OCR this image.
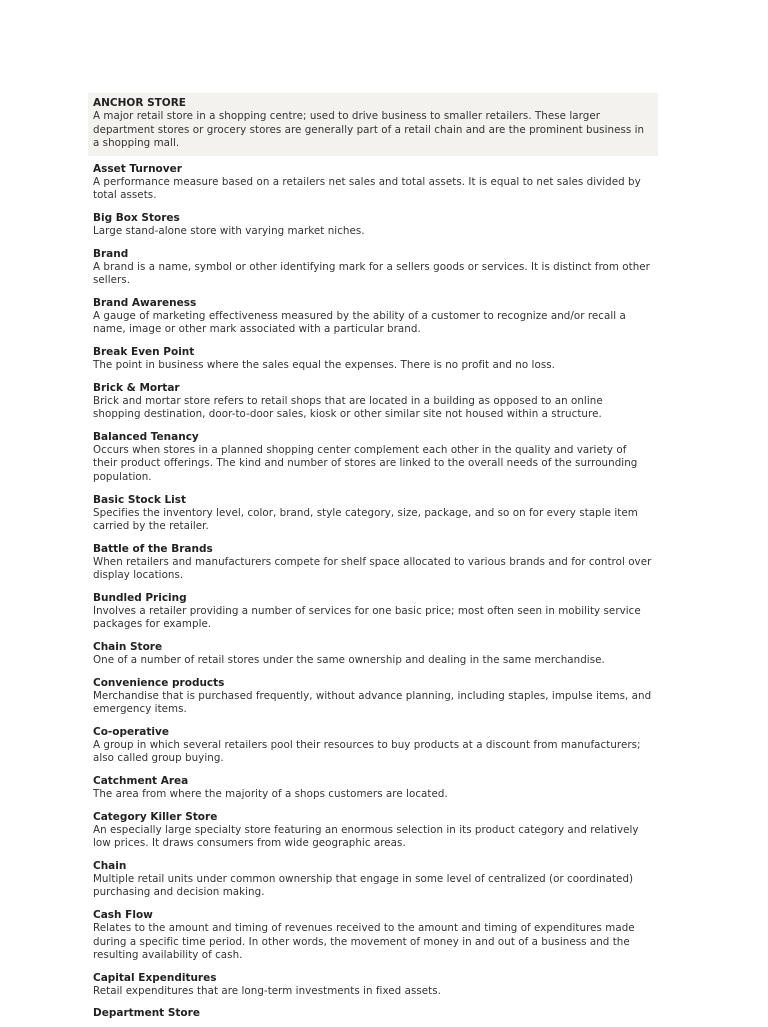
ANCHOR STORE
A major retail store in a shopping centre; used to drive business to smaller retailers. These larger department stores or grocery stores are generally part of a retail chain and are the prominent business in a shopping mall.
Asset Turnover
A performance measure based on a retailers net sales and total assets. It is equal to net sales divided by total assets.
Big Box Stores
Large stand-alone store with varying market niches.
Brand
A brand is a name, symbol or other identifying mark for a sellers goods or services. It is distinct from other sellers.
Brand Awareness
A gauge of marketing effectiveness measured by the ability of a customer to recognize and/or recall a name, image or other mark associated with a particular brand.
Break Even Point
The point in business where the sales equal the expenses. There is no profit and no loss.
Brick & Mortar
Brick and mortar store refers to retail shops that are located in a building as opposed to an online shopping destination, door-to-door sales, kiosk or other similar site not housed within a structure.
Balanced Tenancy
Occurs when stores in a planned shopping center complement each other in the quality and variety of their product offerings. The kind and number of stores are linked to the overall needs of the surrounding population.
Basic Stock List
Specifies the inventory level, color, brand, style category, size, package, and so on for every staple item carried by the retailer.
Battle of the Brands
When retailers and manufacturers compete for shelf space allocated to various brands and for control over display locations.
Bundled Pricing
Involves a retailer providing a number of services for one basic price; most often seen in mobility service packages for example.
Chain Store
One of a number of retail stores under the same ownership and dealing in the same merchandise.
Convenience products
Merchandise that is purchased frequently, without advance planning, including staples, impulse items, and emergency items.
Co-operative
A group in which several retailers pool their resources to buy products at a discount from manufacturers; also called group buying.
Catchment Area
The area from where the majority of a shops customers are located.
Category Killer Store
An especially large specialty store featuring an enormous selection in its product category and relatively low prices. It draws consumers from wide geographic areas.
Chain
Multiple retail units under common ownership that engage in some level of centralized (or coordinated) purchasing and decision making.
Cash Flow
Relates to the amount and timing of revenues received to the amount and timing of expenditures made during a specific time period. In other words, the movement of money in and out of a business and the resulting availability of cash.
Capital Expenditures
Retail expenditures that are long-term investments in fixed assets.
Department Store
